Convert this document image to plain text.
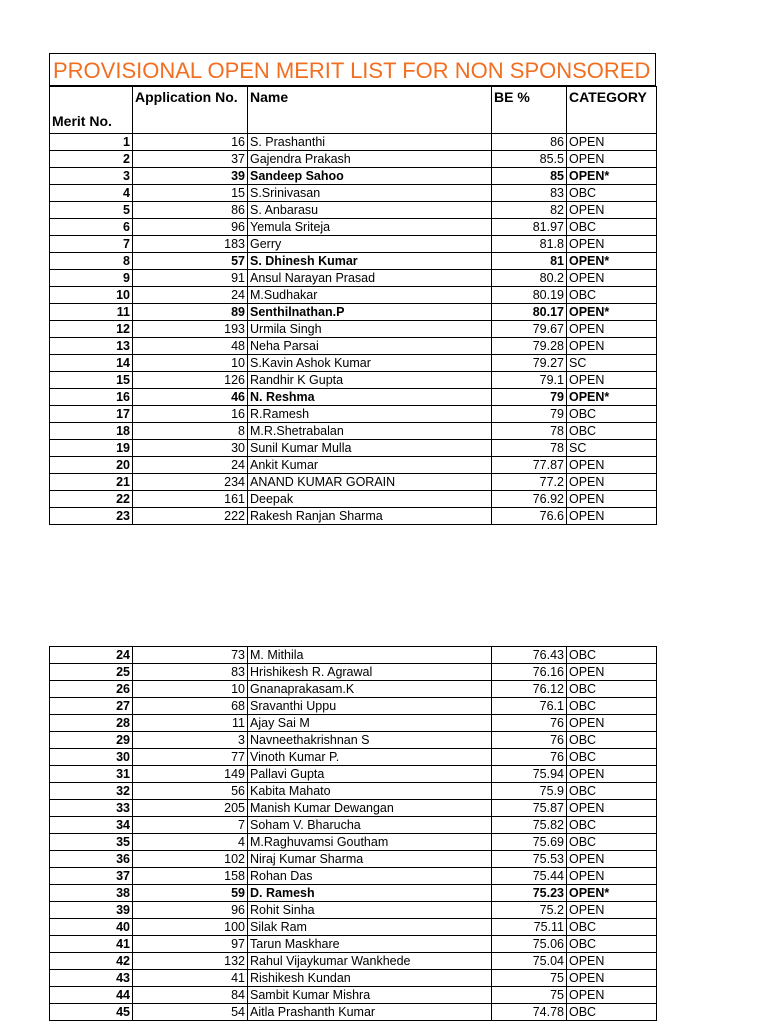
PROVISIONAL OPEN MERIT LIST FOR NON SPONSORED
Merit No.	Application No.	Name	BE %	CATEGORY
1	16	S. Prashanthi	86	OPEN
2	37	Gajendra Prakash	85.5	OPEN
3	39	Sandeep Sahoo	85	OPEN*
4	15	S.Srinivasan	83	OBC
5	86	S. Anbarasu	82	OPEN
6	96	Yemula Sriteja	81.97	OBC
7	183	Gerry	81.8	OPEN
8	57	S. Dhinesh Kumar	81	OPEN*
9	91	Ansul Narayan Prasad	80.2	OPEN
10	24	M.Sudhakar	80.19	OBC
11	89	Senthilnathan.P	80.17	OPEN*
12	193	Urmila Singh	79.67	OPEN
13	48	Neha Parsai	79.28	OPEN
14	10	S.Kavin Ashok Kumar	79.27	SC
15	126	Randhir K Gupta	79.1	OPEN
16	46	N. Reshma	79	OPEN*
17	16	R.Ramesh	79	OBC
18	8	M.R.Shetrabalan	78	OBC
19	30	Sunil Kumar Mulla	78	SC
20	24	Ankit Kumar	77.87	OPEN
21	234	ANAND KUMAR GORAIN	77.2	OPEN
22	161	Deepak	76.92	OPEN
23	222	Rakesh Ranjan Sharma	76.6	OPEN
24	73	M. Mithila	76.43	OBC
25	83	Hrishikesh R. Agrawal	76.16	OPEN
26	10	Gnanaprakasam.K	76.12	OBC
27	68	Sravanthi Uppu	76.1	OBC
28	11	Ajay Sai M	76	OPEN
29	3	Navneethakrishnan S	76	OBC
30	77	Vinoth Kumar P.	76	OBC
31	149	Pallavi Gupta	75.94	OPEN
32	56	Kabita Mahato	75.9	OBC
33	205	Manish Kumar Dewangan	75.87	OPEN
34	7	Soham V. Bharucha	75.82	OBC
35	4	M.Raghuvamsi Goutham	75.69	OBC
36	102	Niraj Kumar Sharma	75.53	OPEN
37	158	Rohan Das	75.44	OPEN
38	59	D. Ramesh	75.23	OPEN*
39	96	Rohit Sinha	75.2	OPEN
40	100	Silak Ram	75.11	OBC
41	97	Tarun Maskhare	75.06	OBC
42	132	Rahul Vijaykumar Wankhede	75.04	OPEN
43	41	Rishikesh Kundan	75	OPEN
44	84	Sambit Kumar Mishra	75	OPEN
45	54	Aitla Prashanth Kumar	74.78	OBC
